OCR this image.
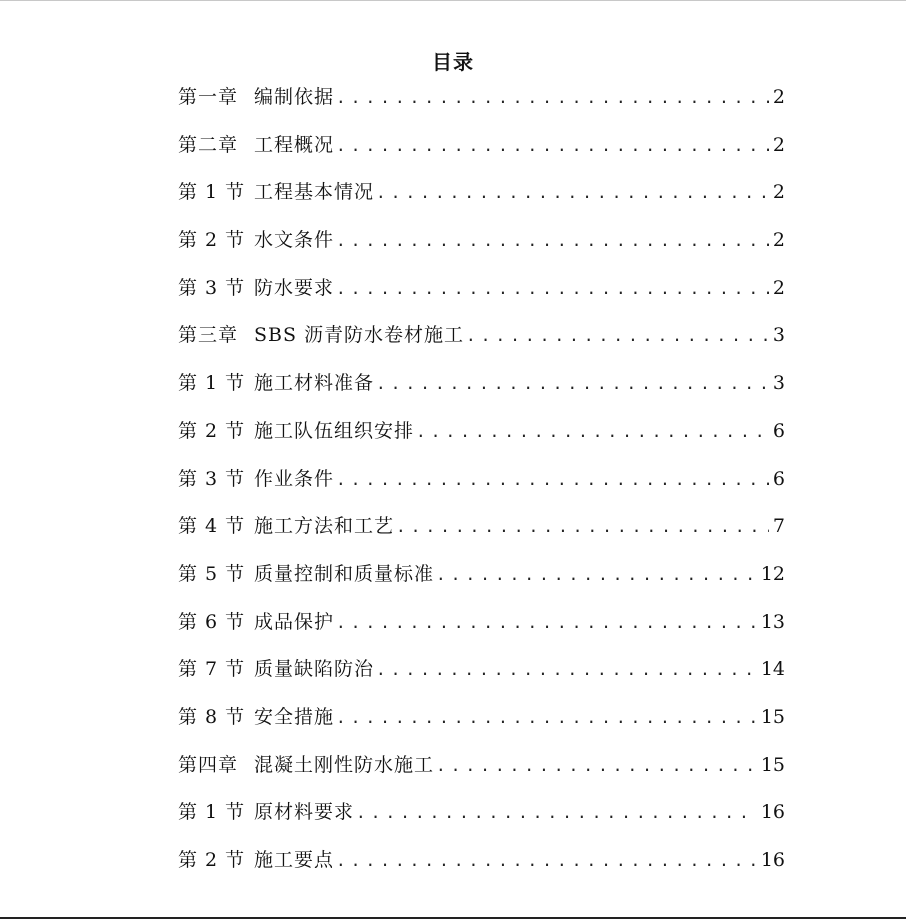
目录
第一章 编制依据 .....	2
第二章 工程概况 .....	2
第 1 节 工程基本情况 .....	2
第 2 节 水文条件 .....	2
第 3 节 防水要求 .....	2
第三章 SBS 沥青防水卷材施工 .....	3
第 1 节 施工材料准备 .....	3
第 2 节 施工队伍组织安排 .....	6
第 3 节 作业条件 .....	6
第 4 节 施工方法和工艺 .....	7
第 5 节 质量控制和质量标准 .....	12
第 6 节 成品保护 .....	13
第 7 节 质量缺陷防治 .....	14
第 8 节 安全措施 .....	15
第四章 混凝土刚性防水施工 .....	15
第 1 节 原材料要求 .....	16
第 2 节 施工要点 .....	16
